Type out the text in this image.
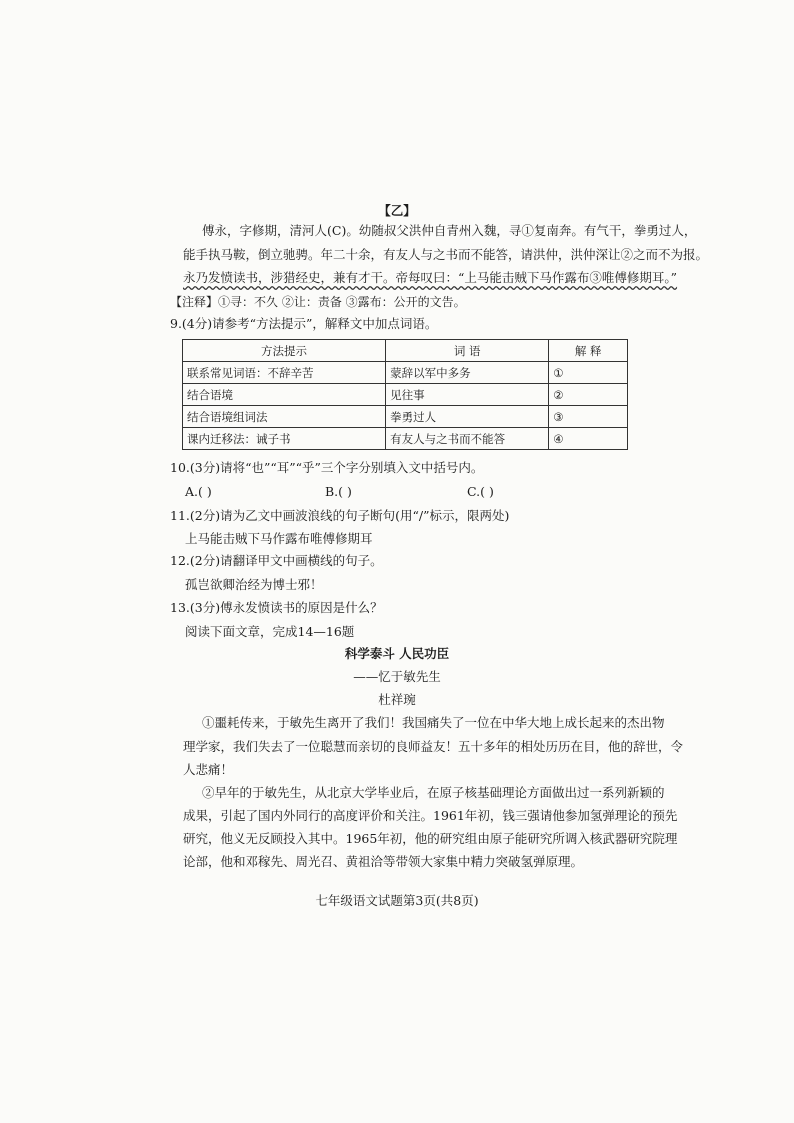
【乙】
傅永，字修期，清河人(C)。幼随叔父洪仲自青州入魏，寻①复南奔。有气干，拳勇过人，
能手执马鞍，倒立驰骋。年二十余，有友人与之书而不能答，请洪仲，洪仲深让②之而不为报。
永乃发愤读书，涉猎经史，兼有才干。帝每叹曰：“上马能击贼下马作露布③唯傅修期耳。”
【注释】①寻：不久 ②让：责备 ③露布：公开的文告。
9.(4分)请参考“方法提示”，解释文中加点词语。
方法提示	词 语	解 释
联系常见词语：不辞辛苦	蒙辞以军中多务	①
结合语境	见往事	②
结合语境组词法	拳勇过人	③
课内迁移法：诫子书	有友人与之书而不能答	④
10.(3分)请将“也”“耳”“乎”三个字分别填入文中括号内。
A.( )	B.( )	C.( )
11.(2分)请为乙文中画波浪线的句子断句(用“/”标示，限两处)
上马能击贼下马作露布唯傅修期耳
12.(2分)请翻译甲文中画横线的句子。
孤岂欲卿治经为博士邪！
13.(3分)傅永发愤读书的原因是什么？
阅读下面文章，完成14—16题
科学泰斗 人民功臣
——忆于敏先生
杜祥琬
①噩耗传来，于敏先生离开了我们！我国痛失了一位在中华大地上成长起来的杰出物
理学家，我们失去了一位聪慧而亲切的良师益友！五十多年的相处历历在目，他的辞世，令
人悲痛！
②早年的于敏先生，从北京大学毕业后，在原子核基础理论方面做出过一系列新颖的
成果，引起了国内外同行的高度评价和关注。1961年初，钱三强请他参加氢弹理论的预先
研究，他义无反顾投入其中。1965年初，他的研究组由原子能研究所调入核武器研究院理
论部，他和邓稼先、周光召、黄祖洽等带领大家集中精力突破氢弹原理。
七年级语文试题第3页(共8页)
